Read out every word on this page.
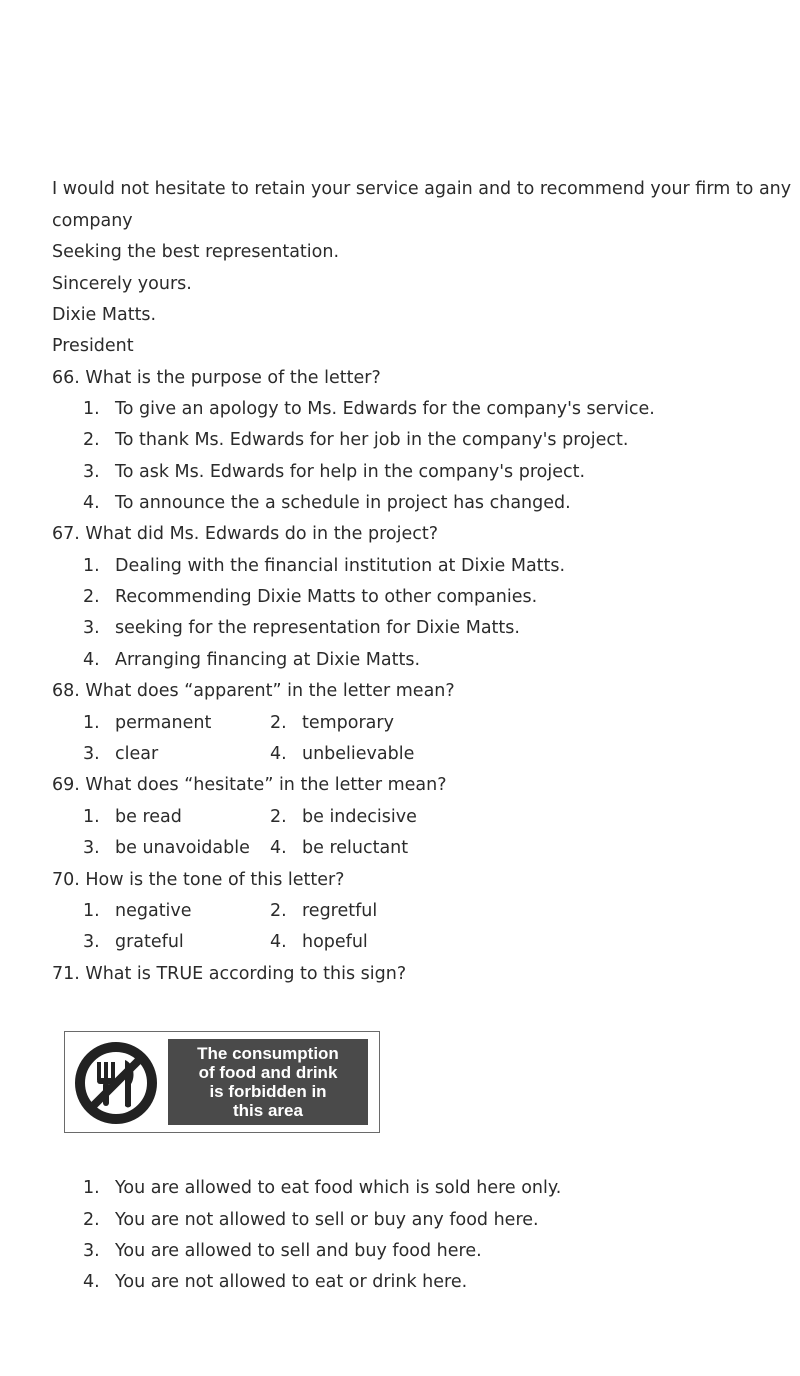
I would not hesitate to retain your service again and to recommend your firm to any
company
Seeking the best representation.
Sincerely yours.
Dixie Matts.
President
66. What is the purpose of the letter?
1. To give an apology to Ms. Edwards for the company's service.
2. To thank Ms. Edwards for her job in the company's project.
3. To ask Ms. Edwards for help in the company's project.
4. To announce the a schedule in project has changed.
67. What did Ms. Edwards do in the project?
1. Dealing with the financial institution at Dixie Matts.
2. Recommending Dixie Matts to other companies.
3. seeking for the representation for Dixie Matts.
4. Arranging financing at Dixie Matts.
68. What does “apparent” in the letter mean?
1. permanent	2. temporary
3. clear	4. unbelievable
69. What does “hesitate” in the letter mean?
1. be read	2. be indecisive
3. be unavoidable 4. be reluctant
70. How is the tone of this letter?
1. negative	2. regretful
3. grateful	4. hopeful
71. What is TRUE according to this sign?
The consumption
of food and drink
is forbidden in
this area
1. You are allowed to eat food which is sold here only.
2. You are not allowed to sell or buy any food here.
3. You are allowed to sell and buy food here.
4. You are not allowed to eat or drink here.
